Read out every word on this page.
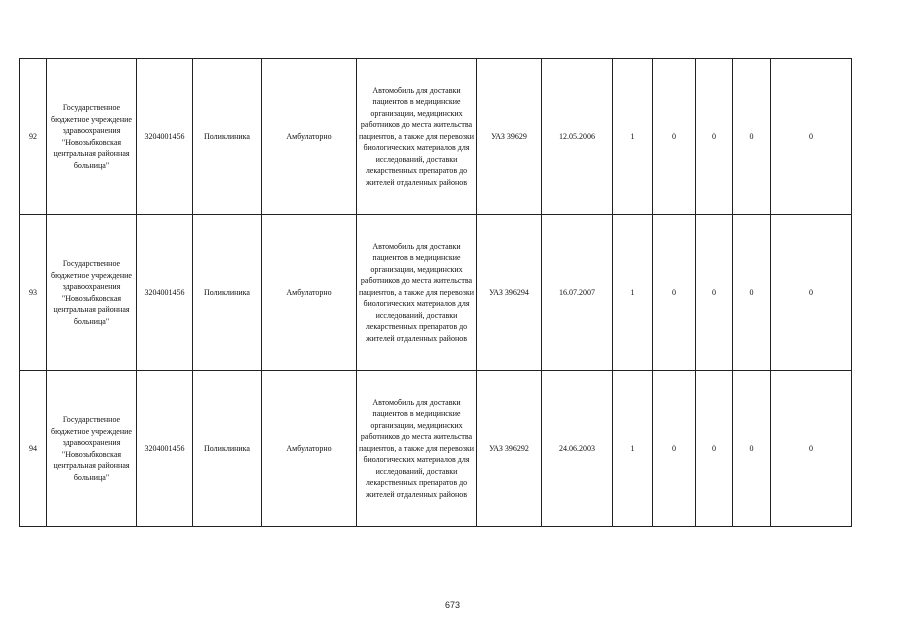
92	Государственное бюджетное учреждение здравоохранения "Новозыбковская центральная районная больница"	3204001456	Поликлиника	Амбулаторно	Автомобиль для доставки пациентов в медицинские организации, медицинских работников до места жительства пациентов, а также для перевозки биологических материалов для исследований, доставки лекарственных препаратов до жителей отдаленных районов	УАЗ 39629	12.05.2006	1	0	0	0	0
93	Государственное бюджетное учреждение здравоохранения "Новозыбковская центральная районная больница"	3204001456	Поликлиника	Амбулаторно	Автомобиль для доставки пациентов в медицинские организации, медицинских работников до места жительства пациентов, а также для перевозки биологических материалов для исследований, доставки лекарственных препаратов до жителей отдаленных районов	УАЗ 396294	16.07.2007	1	0	0	0	0
94	Государственное бюджетное учреждение здравоохранения "Новозыбковская центральная районная больница"	3204001456	Поликлиника	Амбулаторно	Автомобиль для доставки пациентов в медицинские организации, медицинских работников до места жительства пациентов, а также для перевозки биологических материалов для исследований, доставки лекарственных препаратов до жителей отдаленных районов	УАЗ 396292	24.06.2003	1	0	0	0	0
673
